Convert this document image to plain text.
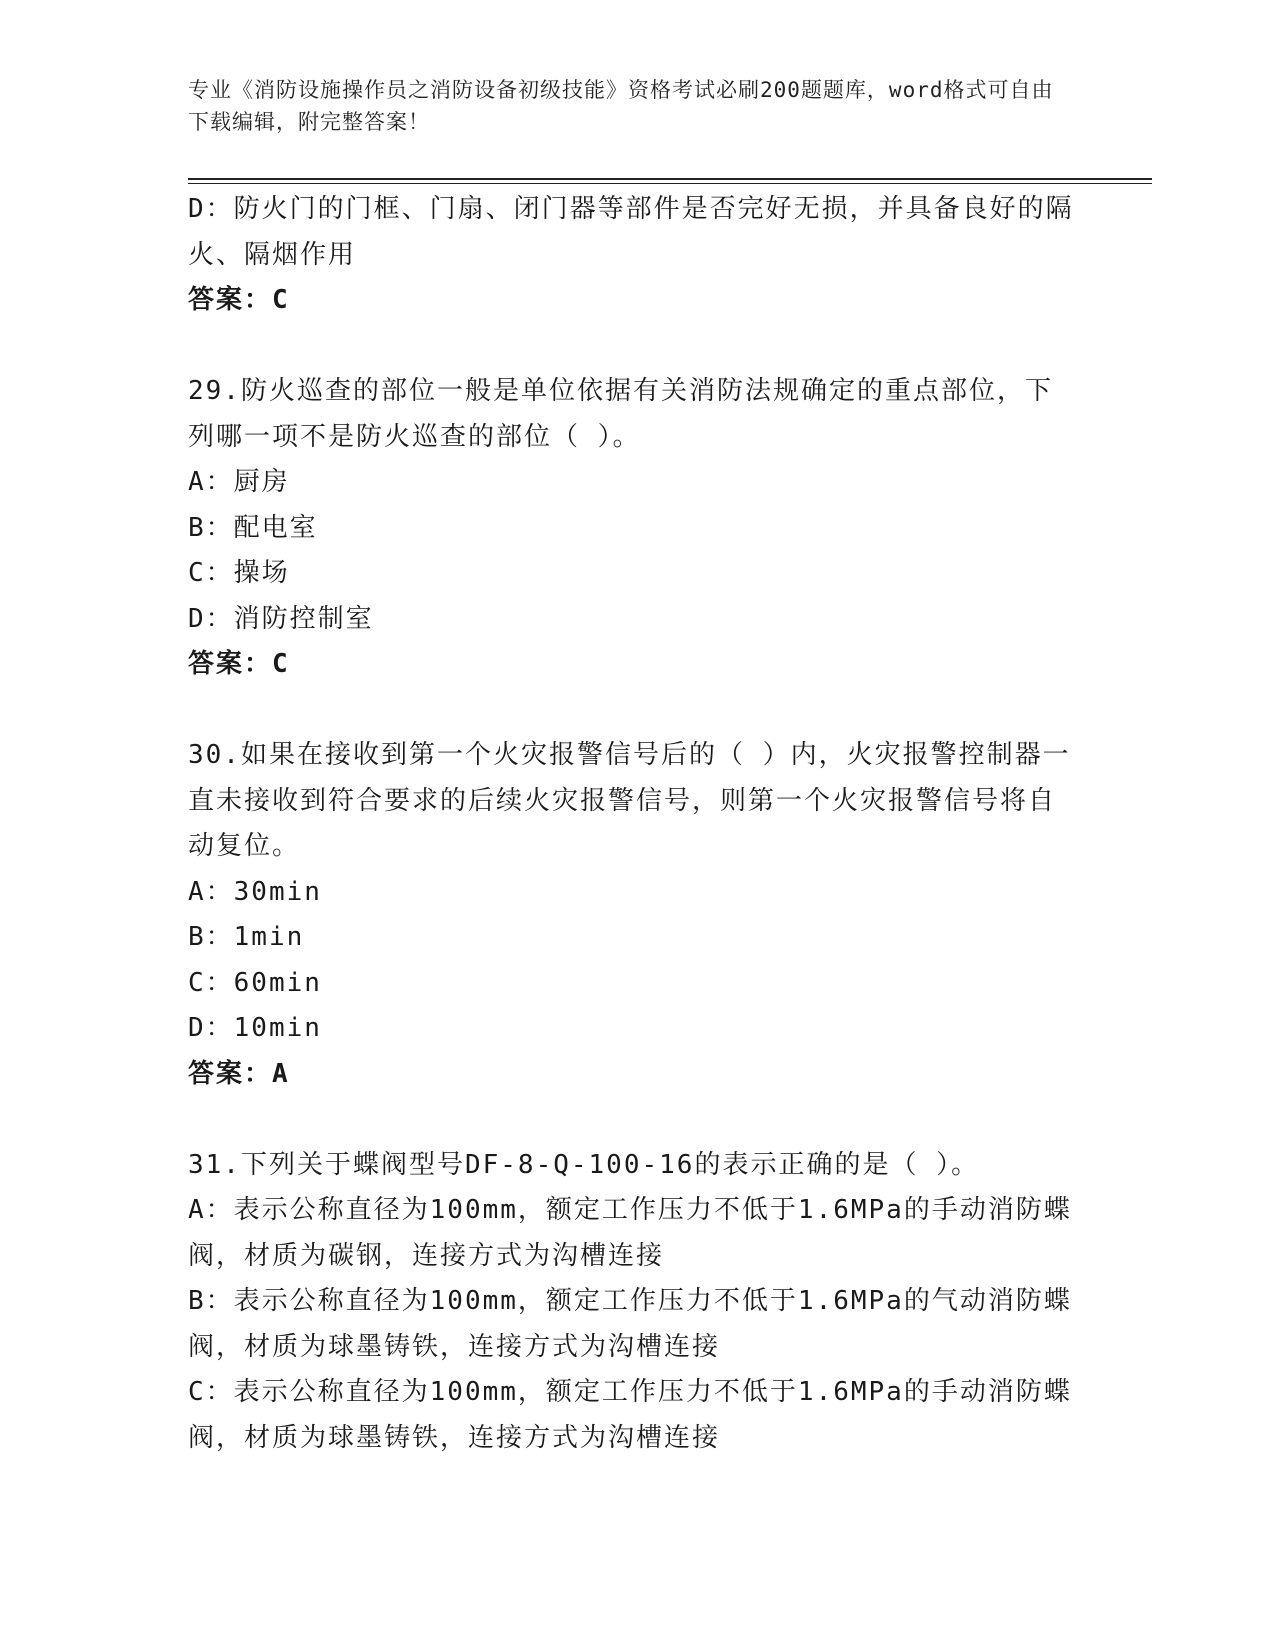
专业《消防设施操作员之消防设备初级技能》资格考试必刷200题题库，word格式可自由下载编辑，附完整答案！
D：防火门的门框、门扇、闭门器等部件是否完好无损，并具备良好的隔火、隔烟作用
答案：C
29.防火巡查的部位一般是单位依据有关消防法规确定的重点部位，下列哪一项不是防火巡查的部位（ ）。
A：厨房
B：配电室
C：操场
D：消防控制室
答案：C
30.如果在接收到第一个火灾报警信号后的（ ）内，火灾报警控制器一直未接收到符合要求的后续火灾报警信号，则第一个火灾报警信号将自动复位。
A：30min
B：1min
C：60min
D：10min
答案：A
31.下列关于蝶阀型号DF-8-Q-100-16的表示正确的是（ ）。
A：表示公称直径为100mm，额定工作压力不低于1.6MPa的手动消防蝶阀，材质为碳钢，连接方式为沟槽连接
B：表示公称直径为100mm，额定工作压力不低于1.6MPa的气动消防蝶阀，材质为球墨铸铁，连接方式为沟槽连接
C：表示公称直径为100mm，额定工作压力不低于1.6MPa的手动消防蝶阀，材质为球墨铸铁，连接方式为沟槽连接
